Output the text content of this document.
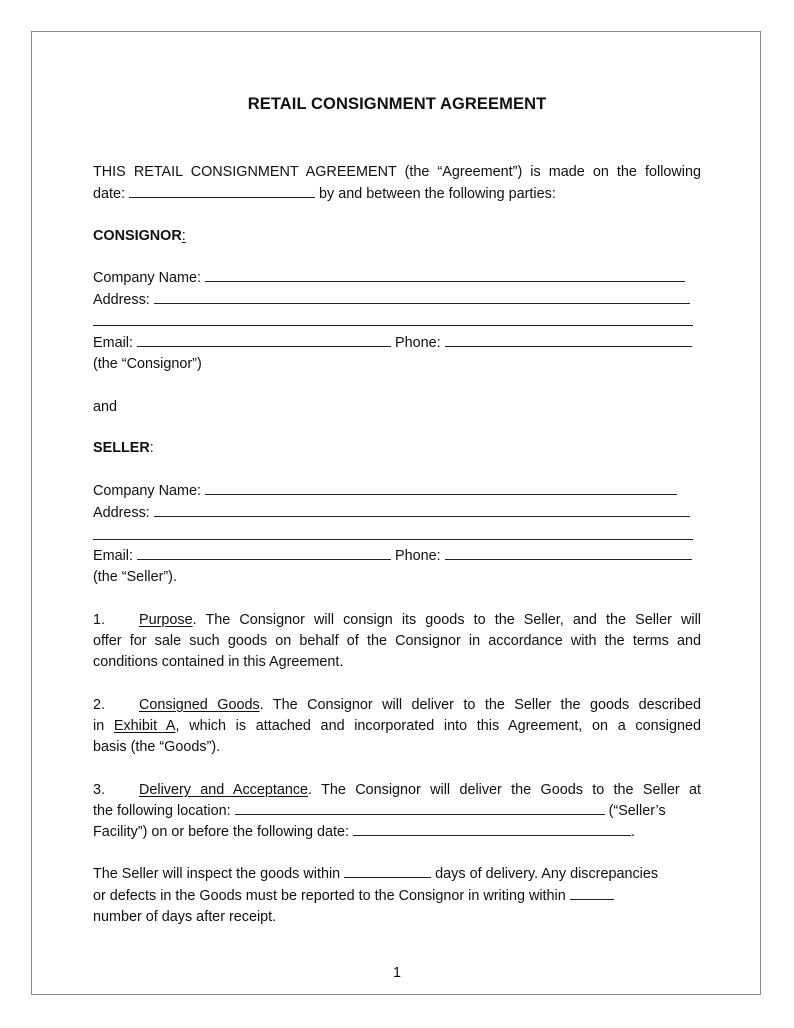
RETAIL CONSIGNMENT AGREEMENT
THIS RETAIL CONSIGNMENT AGREEMENT (the “Agreement”) is made on the following
date:	by and between the following parties:
CONSIGNOR:
Company Name:
Address:
Email:	Phone:
(the “Consignor”)
and
SELLER:
Company Name:
Address:
Email:	Phone:
(the “Seller”).
1. Purpose. The Consignor will consign its goods to the Seller, and the Seller will
offer for sale such goods on behalf of the Consignor in accordance with the terms and
conditions contained in this Agreement.
2. Consigned Goods. The Consignor will deliver to the Seller the goods described
in Exhibit A, which is attached and incorporated into this Agreement, on a consigned
basis (the “Goods”).
3. Delivery and Acceptance. The Consignor will deliver the Goods to the Seller at
the following location:	(“Seller’s
Facility”) on or before the following date:	.
The Seller will inspect the goods within	days of delivery. Any discrepancies
or defects in the Goods must be reported to the Consignor in writing within
number of days after receipt.
1
